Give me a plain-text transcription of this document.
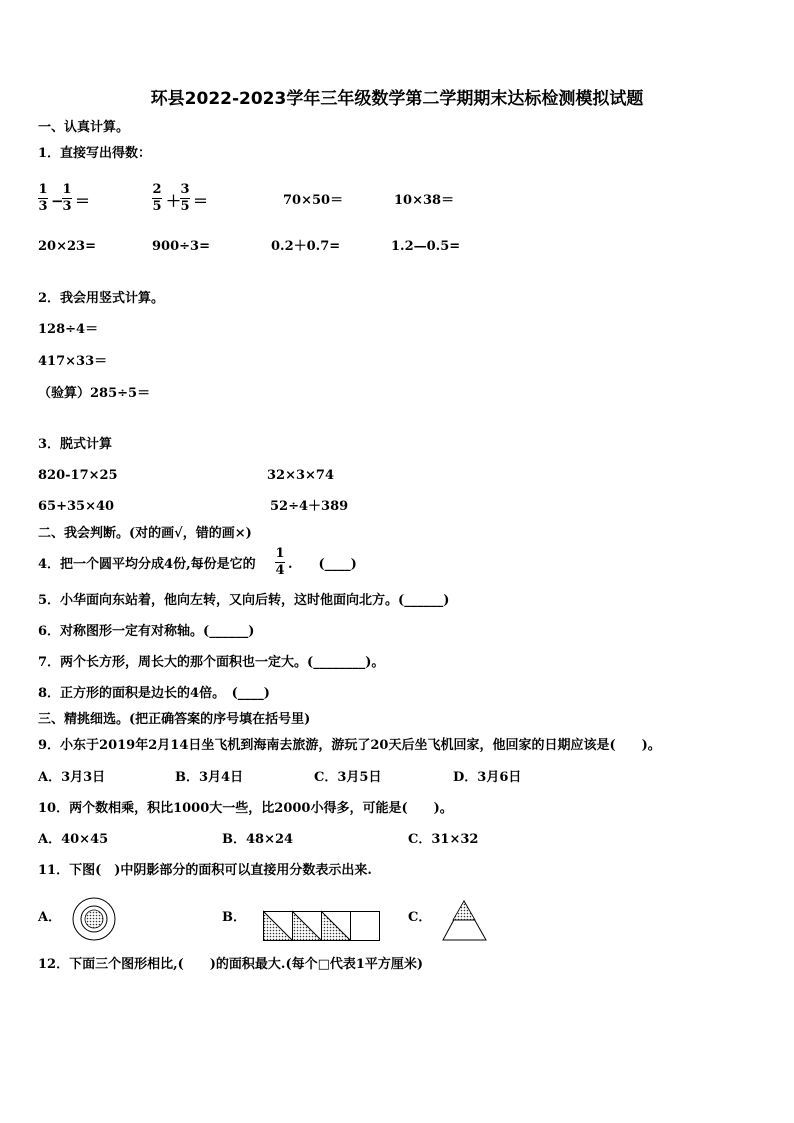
环县2022-2023学年三年级数学第二学期期末达标检测模拟试题
一、认真计算。
1．直接写出得数：
1
3 −
1
3 ＝
2
5 ＋
3
5 ＝	70×50＝	10×38＝
20×23=	900÷3=	0.2＋0.7=	1.2—0.5=
2．我会用竖式计算。
128÷4＝
417×33＝
（验算）285÷5＝
3．脱式计算
820-17×25	32×3×74
65+35×40	52÷4＋389
二、我会判断。(对的画√，错的画×)
4．把一个圆平均分成4份,每份是它的
1
4 .　　(____)
5．小华面向东站着，他向左转，又向后转，这时他面向北方。(______)
6．对称图形一定有对称轴。(______)
7．两个长方形，周长大的那个面积也一定大。(________)。
8．正方形的面积是边长的4倍。　(____)
三、精挑细选。(把正确答案的序号填在括号里)
9．小东于2019年2月14日坐飞机到海南去旅游，游玩了20天后坐飞机回家，他回家的日期应该是(　　)。
A．3月3日	B．3月4日	C．3月5日	D．3月6日
10．两个数相乘，积比1000大一些，比2000小得多，可能是(　　)。
A．40×45	B．48×24	C．31×32
11．下图(　)中阴影部分的面积可以直接用分数表示出来.
A．	B．	C．
12．下面三个图形相比,(　　)的面积最大.(每个□代表1平方厘米)
